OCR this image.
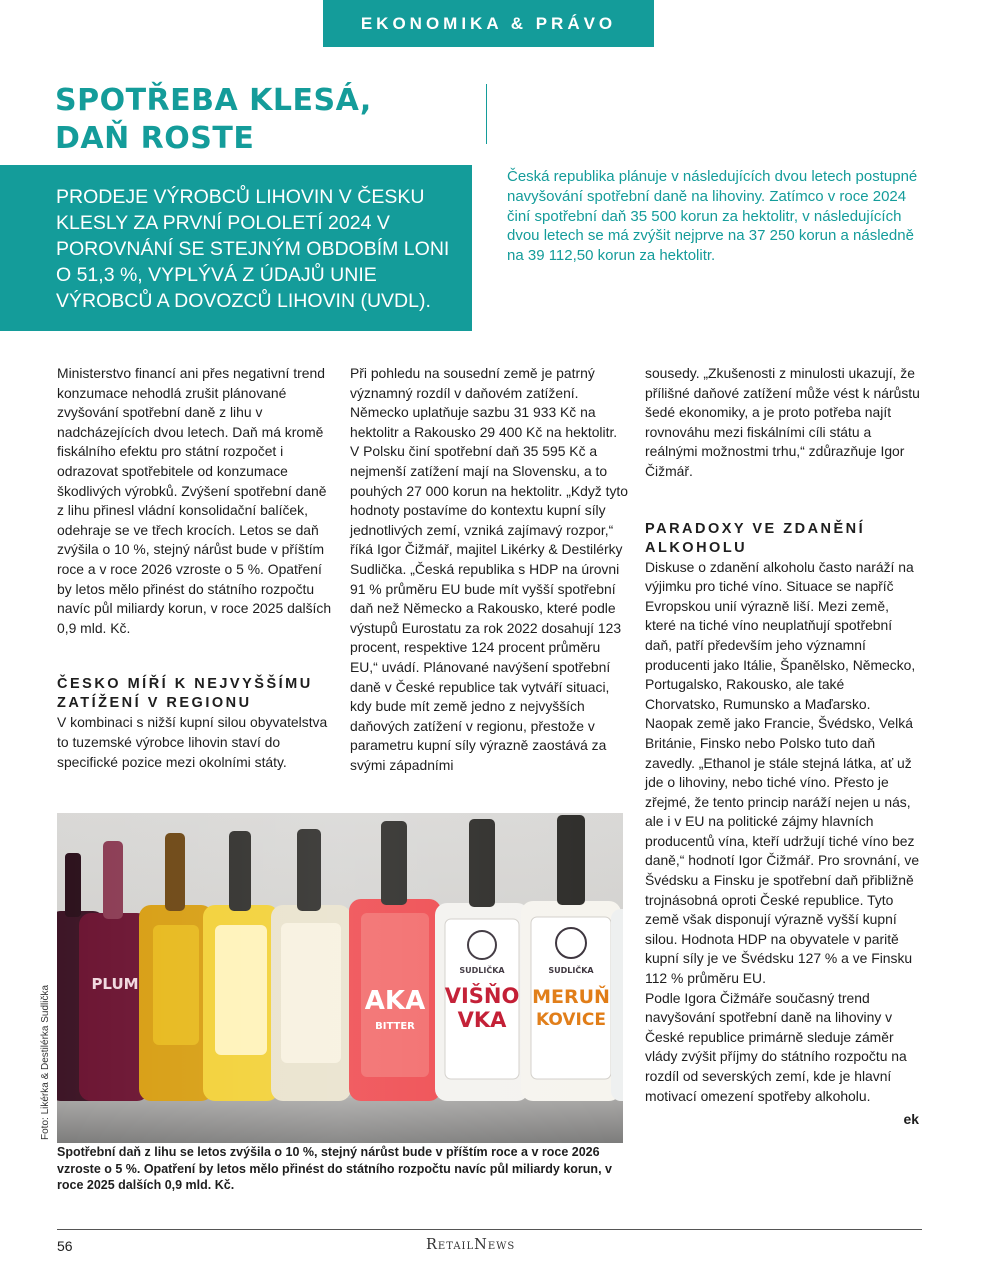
EKONOMIKA & PRÁVO
SPOTŘEBA KLESÁ,
DAŇ ROSTE

PRODEJE VÝROBCŮ LIHOVIN V ČESKU KLESLY ZA PRVNÍ POLOLETÍ 2024 V POROVNÁNÍ SE STEJNÝM OBDOBÍM LONI O 51,3 %, VYPLÝVÁ Z ÚDAJŮ UNIE VÝROBCŮ A DOVOZCŮ LIHOVIN (UVDL).

Česká republika plánuje v následujících dvou letech postupné navyšování spotřební daně na lihoviny. Zatímco v roce 2024 činí spotřební daň 35 500 korun za hektolitr, v následujících dvou letech se má zvýšit nejprve na 37 250 korun a následně na 39 112,50 korun za hektolitr.

Ministerstvo financí ani přes negativní trend konzumace nehodlá zrušit plánované zvyšování spotřební daně z lihu v nadcházejících dvou letech. Daň má kromě fiskálního efektu pro státní rozpočet i odrazovat spotřebitele od konzumace škodlivých výrobků. Zvýšení spotřební daně z lihu přinesl vládní konsolidační balíček, odehraje se ve třech krocích. Letos se daň zvýšila o 10 %, stejný nárůst bude v příštím roce a v roce 2026 vzroste o 5 %. Opatření by letos mělo přinést do státního rozpočtu navíc půl miliardy korun, v roce 2025 dalších 0,9 mld. Kč.

ČESKO MÍŘÍ K NEJVYŠŠÍMU ZATÍŽENÍ V REGIONU

V kombinaci s nižší kupní silou obyvatelstva to tuzemské výrobce lihovin staví do specifické pozice mezi okolními státy.

Při pohledu na sousední země je patrný významný rozdíl v daňovém zatížení. Německo uplatňuje sazbu 31 933 Kč na hektolitr a Rakousko 29 400 Kč na hektolitr. V Polsku činí spotřební daň 35 595 Kč a nejmenší zatížení mají na Slovensku, a to pouhých 27 000 korun na hektolitr. „Když tyto hodnoty postavíme do kontextu kupní síly jednotlivých zemí, vzniká zajímavý rozpor,“ říká Igor Čižmář, majitel Likérky & Destilérky Sudlička. „Česká republika s HDP na úrovni 91 % průměru EU bude mít vyšší spotřební daň než Německo a Rakousko, které podle výstupů Eurostatu za rok 2022 dosahují 123 procent, respektive 124 procent průměru EU,“ uvádí. Plánované navýšení spotřební daně v České republice tak vytváří situaci, kdy bude mít země jedno z nejvyšších daňových zatížení v regionu, přestože v parametru kupní síly výrazně zaostává za svými západními

sousedy. „Zkušenosti z minulosti ukazují, že přílišné daňové zatížení může vést k nárůstu šedé ekonomiky, a je proto potřeba najít rovnováhu mezi fiskálními cíli státu a reálnými možnostmi trhu,“ zdůrazňuje Igor Čižmář.

PARADOXY VE ZDANĚNÍ ALKOHOLU

Diskuse o zdanění alkoholu často naráží na výjimku pro tiché víno. Situace se napříč Evropskou unií výrazně liší. Mezi země, které na tiché víno neuplatňují spotřební daň, patří především jeho významní producenti jako Itálie, Španělsko, Německo, Portugalsko, Rakousko, ale také Chorvatsko, Rumunsko a Maďarsko.

Naopak země jako Francie, Švédsko, Velká Británie, Finsko nebo Polsko tuto daň zavedly. „Ethanol je stále stejná látka, ať už jde o lihoviny, nebo tiché víno. Přesto je zřejmé, že tento princip naráží nejen u nás, ale i v EU na politické zájmy hlavních producentů vína, kteří udržují tiché víno bez daně,“ hodnotí Igor Čižmář. Pro srovnání, ve Švédsku a Finsku je spotřební daň přibližně trojnásobná oproti České republice. Tyto země však disponují výrazně vyšší kupní silou. Hodnota HDP na obyvatele v paritě kupní síly je ve Švédsku 127 % a ve Finsku 112 % průměru EU.

Podle Igora Čižmáře současný trend navyšování spotřební daně na lihoviny v České republice primárně sleduje záměr vlády zvýšit příjmy do státního rozpočtu na rozdíl od severských zemí, kde je hlavní motivací omezení spotřeby alkoholu.

ek

PLUM
AKA
BITTER
SUDLIČKA
VIŠŇO
VKA
SUDLIČKA
MERUŇ
KOVICE
Foto: Likérka & Destilérka Sudlička

Spotřební daň z lihu se letos zvýšila o 10 %, stejný nárůst bude v příštím roce a v roce 2026 vzroste o 5 %. Opatření by letos mělo přinést do státního rozpočtu navíc půl miliardy korun, v roce 2025 dalších 0,9 mld. Kč.

56	RetailNews
